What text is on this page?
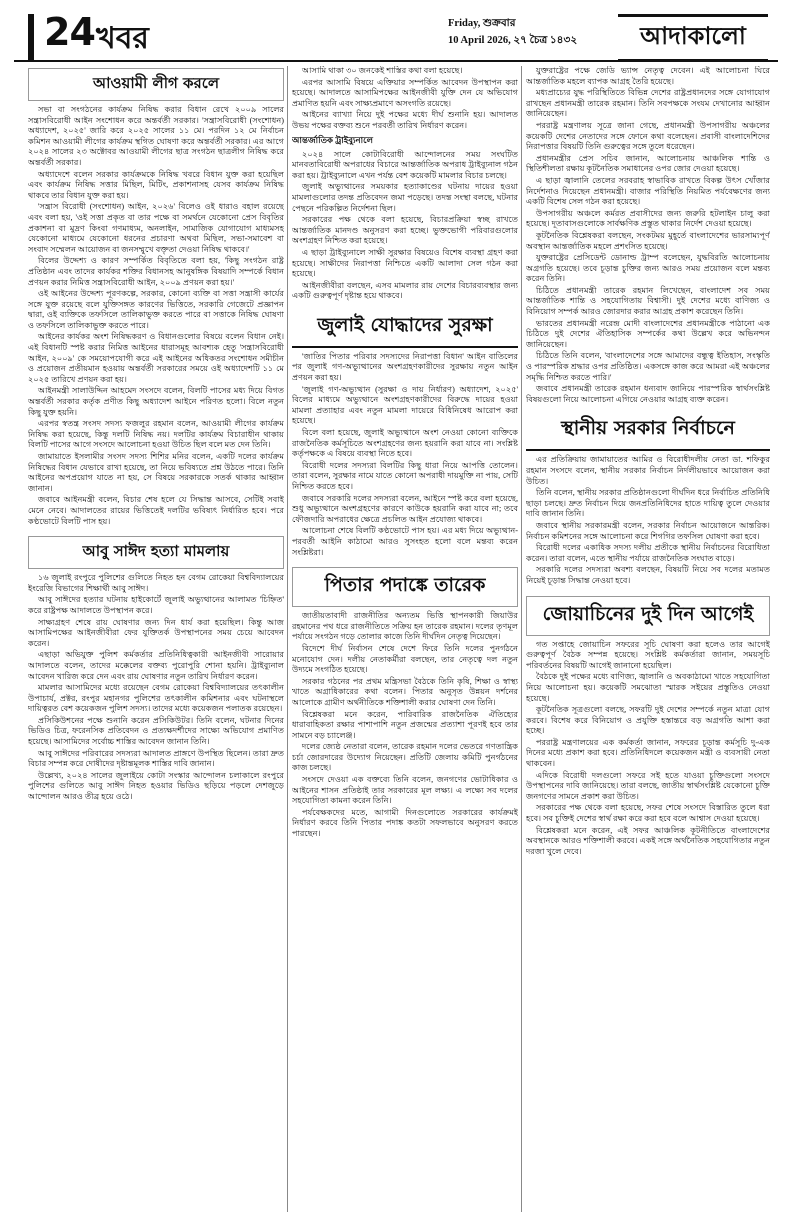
24 খবর	Friday, শুক্রবার
10 April 2026, ২৭ চৈত্র ১৪৩২	আদাকালো
আওয়ামী লীগ করলে

সভা বা সংগঠনের কার্যক্রম নিষিদ্ধ করার বিধান রেখে ২০০৯ সালের সন্ত্রাসবিরোধী আইন সংশোধন করে অন্তর্বর্তী সরকার। 'সন্ত্রাসবিরোধী (সংশোধন) অধ্যাদেশ, ২০২৫' জারি করে ২০২৫ সালের ১১ মে। পরদিন ১২ মে নির্বাচন কমিশন আওয়ামী লীগের কার্যক্রম স্থগিত ঘোষণা করে অন্তর্বর্তী সরকার। এর আগে ২০২৪ সালের ২৩ অক্টোবর আওয়ামী লীগের ছাত্র সংগঠন ছাত্রলীগ নিষিদ্ধ করে অন্তর্বর্তী সরকার।

অধ্যাদেশে বলেন সরকার কার্যক্রমকে নিষিদ্ধ খবরে বিধান যুক্ত করা হয়েছিল এবং কার্যক্রম নিষিদ্ধ সত্তার মিছিল, মিটিং, প্রকাশনাসহ যেসব কার্যক্রম নিষিদ্ধ থাকবে তার বিধান যুক্ত করা হয়।

'সন্ত্রাস বিরোধী (সংশোধন) আইন, ২০২৬' বিলেও ওই ধারাও বহাল রয়েছে এবং বলা হয়, 'ওই সত্তা প্রকৃত বা তার পক্ষে বা সমর্থনে যেকোনো প্রেস বিবৃতির প্রকাশনা বা মুদ্রণ কিংবা গণমাধ্যম, অনলাইন, সামাজিক যোগাযোগ মাধ্যমসহ যেকোনো মাধ্যমে যেকোনো ধরনের প্রচারণা অথবা মিছিল, সভা-সমাবেশ বা সংবাদ সম্মেলন আয়োজন বা জনসম্মুখে বক্তৃতা দেওয়া নিষিদ্ধ থাকবে।'

বিলের উদ্দেশ্য ও কারণ সম্পর্কিত বিবৃতিতে বলা হয়, 'কিছু সংগঠন রাষ্ট্র প্রতিষ্ঠান এবং তাদের কার্যকর শক্তির বিধানসহ আনুষঙ্গিক বিষয়াদি সম্পর্কে বিধান প্রণয়ন করার নিমিত্ত সন্ত্রাসবিরোধী আইন, ২০০৯ প্রণয়ন করা হয়।'

ওই আইনের উদ্দেশ্য পূরণকল্পে, সরকার, কোনো ব্যক্তি বা সত্তা সন্ত্রাসী কার্যের সঙ্গে যুক্ত রয়েছে বলে যুক্তিসঙ্গত কারণের ভিত্তিতে, সরকারি গেজেটে প্রজ্ঞাপন দ্বারা, ওই ব্যক্তিকে তফসিলে তালিকাভুক্ত করতে পারে বা সত্তাকে নিষিদ্ধ ঘোষণা ও তফসিলে তালিকাভুক্ত করতে পারে।

আইনের কার্যকর অংশ নিষিদ্ধকরণ ও বিধানগুলোর বিষয়ে বলেন বিধান নেই। এই বিধানটি স্পষ্ট করার নিমিত্ত আইনের ধারাসমূহ আবশ্যক হেতু 'সন্ত্রাসবিরোধী আইন, ২০০৯' কে সময়োপযোগী করে এই আইনের অধিকতর সংশোধন সমীচীন ও প্রয়োজন প্রতীয়মান হওয়ায় অন্তর্বর্তী সরকারের সময়ে ওই অধ্যাদেশটি ১১ মে ২০২৫ তারিখে প্রণয়ন করা হয়।

আইনমন্ত্রী সালাউদ্দিন আহমেদ সংসদে বলেন, বিলটি পাসের মধ্য দিয়ে বিগত অন্তর্বর্তী সরকার কর্তৃক প্রণীত কিছু অধ্যাদেশ আইনে পরিণত হলো। বিলে নতুন কিছু যুক্ত হয়নি।

এরপর স্বতন্ত্র সংসদ সদস্য ফজলুর রহমান বলেন, আওয়ামী লীগের কার্যক্রম নিষিদ্ধ করা হয়েছে, কিন্তু দলটি নিষিদ্ধ নয়। দলটির কার্যক্রম বিচারাধীন থাকায় বিলটি পাসের আগে সংসদে আলোচনা হওয়া উচিত ছিল বলে মত দেন তিনি।

জামায়াতে ইসলামীর সংসদ সদস্য শিশির মনির বলেন, একটি দলের কার্যক্রম নিষিদ্ধের বিধান যেভাবে রাখা হয়েছে, তা নিয়ে ভবিষ্যতে প্রশ্ন উঠতে পারে। তিনি আইনের অপপ্রয়োগ যাতে না হয়, সে বিষয়ে সরকারকে সতর্ক থাকার আহ্বান জানান।

জবাবে আইনমন্ত্রী বলেন, বিচার শেষ হলে যে সিদ্ধান্ত আসবে, সেটিই সবাই মেনে নেবে। আদালতের রায়ের ভিত্তিতেই দলটির ভবিষ্যৎ নির্ধারিত হবে। পরে কণ্ঠভোটে বিলটি পাস হয়।

আবু সাঈদ হত্যা মামলায়

১৬ জুলাই রংপুরে পুলিশের গুলিতে নিহত হন বেগম রোকেয়া বিশ্ববিদ্যালয়ের ইংরেজি বিভাগের শিক্ষার্থী আবু সাঈদ।

আবু সাঈদের হত্যার ঘটনায় হাইকোর্টে জুলাই অভ্যুত্থানের আলামত 'চিহ্নিত' করে রাষ্ট্রপক্ষ আদালতে উপস্থাপন করে।

সাক্ষ্যগ্রহণ শেষে রায় ঘোষণার জন্য দিন ধার্য করা হয়েছিল। কিন্তু আজ আসামিপক্ষের আইনজীবীরা ফের যুক্তিতর্ক উপস্থাপনের সময় চেয়ে আবেদন করেন।

এছাড়া অভিযুক্ত পুলিশ কর্মকর্তার প্রতিনিধিত্বকারী আইনজীবী সারোয়ার আদালতে বলেন, তাদের মক্কেলের বক্তব্য পুরোপুরি শোনা হয়নি। ট্রাইব্যুনাল আবেদন খারিজ করে দেন এবং রায় ঘোষণার নতুন তারিখ নির্ধারণ করেন।

মামলার আসামিদের মধ্যে রয়েছেন বেগম রোকেয়া বিশ্ববিদ্যালয়ের তৎকালীন উপাচার্য, প্রক্টর, রংপুর মহানগর পুলিশের তৎকালীন কমিশনার এবং ঘটনাস্থলে দায়িত্বরত বেশ কয়েকজন পুলিশ সদস্য। তাদের মধ্যে কয়েকজন পলাতক রয়েছেন।

প্রসিকিউশনের পক্ষে শুনানি করেন প্রসিকিউটর। তিনি বলেন, ঘটনার দিনের ভিডিও চিত্র, ফরেনসিক প্রতিবেদন ও প্রত্যক্ষদর্শীদের সাক্ষ্যে অভিযোগ প্রমাণিত হয়েছে। আসামিদের সর্বোচ্চ শাস্তির আবেদন জানান তিনি।

আবু সাঈদের পরিবারের সদস্যরা আদালত প্রাঙ্গণে উপস্থিত ছিলেন। তারা দ্রুত বিচার সম্পন্ন করে দোষীদের দৃষ্টান্তমূলক শাস্তির দাবি জানান।

উল্লেখ্য, ২০২৪ সালের জুলাইয়ে কোটা সংস্কার আন্দোলন চলাকালে রংপুরে পুলিশের গুলিতে আবু সাঈদ নিহত হওয়ার ভিডিও ছড়িয়ে পড়লে দেশজুড়ে আন্দোলন আরও তীব্র হয়ে ওঠে।

আসামি থাকা ৩০ জনকেই শাস্তির কথা বলা হয়েছে।

এরপর আসামি বিষয়ে এক্তিয়ার সম্পর্কিত আবেদন উপস্থাপন করা হয়েছে। আদালতে আসামিপক্ষের আইনজীবী যুক্তি দেন যে অভিযোগ প্রমাণিত হয়নি এবং সাক্ষ্যপ্রমাণে অসংগতি রয়েছে।

আইনের ব্যাখ্যা নিয়ে দুই পক্ষের মধ্যে দীর্ঘ শুনানি হয়। আদালত উভয় পক্ষের বক্তব্য শুনে পরবর্তী তারিখ নির্ধারণ করেন।

আন্তর্জাতিক ট্রাইব্যুনালে

২০২৪ সালে কোটাবিরোধী আন্দোলনের সময় সংঘটিত মানবতাবিরোধী অপরাধের বিচারে আন্তর্জাতিক অপরাধ ট্রাইব্যুনাল গঠন করা হয়। ট্রাইব্যুনালে এখন পর্যন্ত বেশ কয়েকটি মামলার বিচার চলছে।

জুলাই অভ্যুত্থানের সময়কার হত্যাকাণ্ডের ঘটনায় দায়ের হওয়া মামলাগুলোর তদন্ত প্রতিবেদন জমা পড়েছে। তদন্ত সংস্থা বলছে, ঘটনার পেছনে পরিকল্পিত নির্দেশনা ছিল।

সরকারের পক্ষ থেকে বলা হয়েছে, বিচারপ্রক্রিয়া স্বচ্ছ রাখতে আন্তর্জাতিক মানদণ্ড অনুসরণ করা হচ্ছে। ভুক্তভোগী পরিবারগুলোর অংশগ্রহণ নিশ্চিত করা হয়েছে।

এ ছাড়া ট্রাইব্যুনালে সাক্ষী সুরক্ষার বিষয়েও বিশেষ ব্যবস্থা গ্রহণ করা হয়েছে। সাক্ষীদের নিরাপত্তা নিশ্চিতে একটি আলাদা সেল গঠন করা হয়েছে।

আইনজীবীরা বলছেন, এসব মামলার রায় দেশের বিচারব্যবস্থার জন্য একটি গুরুত্বপূর্ণ দৃষ্টান্ত হয়ে থাকবে।

জুলাই যোদ্ধাদের সুরক্ষা

'জাতির পিতার পরিবার সদস্যদের নিরাপত্তা বিধান' আইন বাতিলের পর জুলাই গণ-অভ্যুত্থানের অংশগ্রহণকারীদের সুরক্ষায় নতুন আইন প্রণয়ন করা হয়।

'জুলাই গণ-অভ্যুত্থান (সুরক্ষা ও দায় নির্ধারণ) অধ্যাদেশ, ২০২৫' বিলের মাধ্যমে অভ্যুত্থানে অংশগ্রহণকারীদের বিরুদ্ধে দায়ের হওয়া মামলা প্রত্যাহার এবং নতুন মামলা দায়েরে বিধিনিষেধ আরোপ করা হয়েছে।

বিলে বলা হয়েছে, জুলাই অভ্যুত্থানে অংশ নেওয়া কোনো ব্যক্তিকে রাজনৈতিক কর্মসূচিতে অংশগ্রহণের জন্য হয়রানি করা যাবে না। সংশ্লিষ্ট কর্তৃপক্ষকে এ বিষয়ে ব্যবস্থা নিতে হবে।

বিরোধী দলের সদস্যরা বিলটির কিছু ধারা নিয়ে আপত্তি তোলেন। তারা বলেন, সুরক্ষার নামে যাতে কোনো অপরাধী দায়মুক্তি না পায়, সেটি নিশ্চিত করতে হবে।

জবাবে সরকারি দলের সদস্যরা বলেন, আইনে স্পষ্ট করে বলা হয়েছে, শুধু অভ্যুত্থানে অংশগ্রহণের কারণে কাউকে হয়রানি করা যাবে না; তবে ফৌজদারি অপরাধের ক্ষেত্রে প্রচলিত আইন প্রযোজ্য থাকবে।

আলোচনা শেষে বিলটি কণ্ঠভোটে পাস হয়। এর মধ্য দিয়ে অভ্যুত্থান-পরবর্তী আইনি কাঠামো আরও সুসংহত হলো বলে মন্তব্য করেন সংশ্লিষ্টরা।

পিতার পদাঙ্কে তারেক

জাতীয়তাবাদী রাজনীতির অন্যতম ভিত্তি স্থাপনকারী জিয়াউর রহমানের পথ ধরে রাজনীতিতে সক্রিয় হন তারেক রহমান। দলের তৃণমূল পর্যায়ে সংগঠন গড়ে তোলার কাজে তিনি দীর্ঘদিন নেতৃত্ব দিয়েছেন।

বিদেশে দীর্ঘ নির্বাসন শেষে দেশে ফিরে তিনি দলের পুনর্গঠনে মনোযোগ দেন। দলীয় নেতাকর্মীরা বলছেন, তার নেতৃত্বে দল নতুন উদ্যমে সংগঠিত হয়েছে।

সরকার গঠনের পর প্রথম মন্ত্রিসভা বৈঠকে তিনি কৃষি, শিক্ষা ও স্বাস্থ্য খাতে অগ্রাধিকারের কথা বলেন। পিতার অনুসৃত উন্নয়ন দর্শনের আলোকে গ্রামীণ অর্থনীতিকে শক্তিশালী করার ঘোষণা দেন তিনি।

বিশ্লেষকরা মনে করেন, পারিবারিক রাজনৈতিক ঐতিহ্যের ধারাবাহিকতা রক্ষার পাশাপাশি নতুন প্রজন্মের প্রত্যাশা পূরণই হবে তার সামনে বড় চ্যালেঞ্জ।

দলের জ্যেষ্ঠ নেতারা বলেন, তারেক রহমান দলের ভেতরে গণতান্ত্রিক চর্চা জোরদারের উদ্যোগ নিয়েছেন। প্রতিটি জেলায় কমিটি পুনর্গঠনের কাজ চলছে।

সংসদে দেওয়া এক বক্তব্যে তিনি বলেন, জনগণের ভোটাধিকার ও আইনের শাসন প্রতিষ্ঠাই তার সরকারের মূল লক্ষ্য। এ লক্ষ্যে সব দলের সহযোগিতা কামনা করেন তিনি।

পর্যবেক্ষকদের মতে, আগামী দিনগুলোতে সরকারের কার্যক্রমই নির্ধারণ করবে তিনি পিতার পদাঙ্ক কতটা সফলভাবে অনুসরণ করতে পারছেন।

যুক্তরাষ্ট্রের পক্ষে জেডি ভ্যান্স নেতৃত্ব দেবেন। এই আলোচনা ঘিরে আন্তর্জাতিক মহলে ব্যাপক আগ্রহ তৈরি হয়েছে।

মধ্যপ্রাচ্যের যুদ্ধ পরিস্থিতিতে বিভিন্ন দেশের রাষ্ট্রপ্রধানদের সঙ্গে যোগাযোগ রাখছেন প্রধানমন্ত্রী তারেক রহমান। তিনি সবপক্ষকে সংযম দেখানোর আহ্বান জানিয়েছেন।

পররাষ্ট্র মন্ত্রণালয় সূত্রে জানা গেছে, প্রধানমন্ত্রী উপসাগরীয় অঞ্চলের কয়েকটি দেশের নেতাদের সঙ্গে ফোনে কথা বলেছেন। প্রবাসী বাংলাদেশিদের নিরাপত্তার বিষয়টি তিনি গুরুত্বের সঙ্গে তুলে ধরেছেন।

প্রধানমন্ত্রীর প্রেস সচিব জানান, আলোচনায় আঞ্চলিক শান্তি ও স্থিতিশীলতা রক্ষায় কূটনৈতিক সমাধানের ওপর জোর দেওয়া হয়েছে।

এ ছাড়া জ্বালানি তেলের সরবরাহ স্বাভাবিক রাখতে বিকল্প উৎস খোঁজার নির্দেশনাও দিয়েছেন প্রধানমন্ত্রী। বাজার পরিস্থিতি নিয়মিত পর্যবেক্ষণের জন্য একটি বিশেষ সেল গঠন করা হয়েছে।

উপসাগরীয় অঞ্চলে কর্মরত প্রবাসীদের জন্য জরুরি হটলাইন চালু করা হয়েছে। দূতাবাসগুলোকে সার্বক্ষণিক প্রস্তুত থাকার নির্দেশ দেওয়া হয়েছে।

কূটনৈতিক বিশ্লেষকরা বলছেন, সংকটময় মুহূর্তে বাংলাদেশের ভারসাম্যপূর্ণ অবস্থান আন্তর্জাতিক মহলে প্রশংসিত হয়েছে।

যুক্তরাষ্ট্রের প্রেসিডেন্ট ডোনাল্ড ট্রাম্প বলেছেন, যুদ্ধবিরতি আলোচনায় অগ্রগতি হয়েছে। তবে চূড়ান্ত চুক্তির জন্য আরও সময় প্রয়োজন বলে মন্তব্য করেন তিনি।

চিঠিতে প্রধানমন্ত্রী তারেক রহমান লিখেছেন, বাংলাদেশ সব সময় আন্তর্জাতিক শান্তি ও সহযোগিতায় বিশ্বাসী। দুই দেশের মধ্যে বাণিজ্য ও বিনিয়োগ সম্পর্ক আরও জোরদার করার আগ্রহ প্রকাশ করেছেন তিনি।

ভারতের প্রধানমন্ত্রী নরেন্দ্র মোদী বাংলাদেশের প্রধানমন্ত্রীকে পাঠানো এক চিঠিতে দুই দেশের ঐতিহাসিক সম্পর্কের কথা উল্লেখ করে অভিনন্দন জানিয়েছেন।

চিঠিতে তিনি বলেন, 'বাংলাদেশের সঙ্গে আমাদের বন্ধুত্ব ইতিহাস, সংস্কৃতি ও পারস্পরিক শ্রদ্ধার ওপর প্রতিষ্ঠিত। একসঙ্গে কাজ করে আমরা এই অঞ্চলের সমৃদ্ধি নিশ্চিত করতে পারি।'

জবাবে প্রধানমন্ত্রী তারেক রহমান ধন্যবাদ জানিয়ে পারস্পরিক স্বার্থসংশ্লিষ্ট বিষয়গুলো নিয়ে আলোচনা এগিয়ে নেওয়ার আগ্রহ ব্যক্ত করেন।

স্থানীয় সরকার নির্বাচনে

এর প্রতিক্রিয়ায় জামায়াতের আমির ও বিরোধীদলীয় নেতা ডা. শফিকুর রহমান সংসদে বলেন, স্থানীয় সরকার নির্বাচন নির্দলীয়ভাবে আয়োজন করা উচিত।

তিনি বলেন, স্থানীয় সরকার প্রতিষ্ঠানগুলো দীর্ঘদিন ধরে নির্বাচিত প্রতিনিধি ছাড়া চলছে। দ্রুত নির্বাচন দিয়ে জনপ্রতিনিধিদের হাতে দায়িত্ব তুলে দেওয়ার দাবি জানান তিনি।

জবাবে স্থানীয় সরকারমন্ত্রী বলেন, সরকার নির্বাচন আয়োজনে আন্তরিক। নির্বাচন কমিশনের সঙ্গে আলোচনা করে শিগগির তফসিল ঘোষণা করা হবে।

বিরোধী দলের একাধিক সদস্য দলীয় প্রতীকে স্থানীয় নির্বাচনের বিরোধিতা করেন। তারা বলেন, এতে স্থানীয় পর্যায়ে রাজনৈতিক সংঘাত বাড়ে।

সরকারি দলের সদস্যরা অবশ্য বলছেন, বিষয়টি নিয়ে সব দলের মতামত নিয়েই চূড়ান্ত সিদ্ধান্ত নেওয়া হবে।

জোয়াচিনের দুই দিন আগেই

গত সপ্তাহে জোয়াচিন সফরের সূচি ঘোষণা করা হলেও তার আগেই গুরুত্বপূর্ণ বৈঠক সম্পন্ন হয়েছে। সংশ্লিষ্ট কর্মকর্তারা জানান, সময়সূচি পরিবর্তনের বিষয়টি আগেই জানানো হয়েছিল।

বৈঠকে দুই পক্ষের মধ্যে বাণিজ্য, জ্বালানি ও অবকাঠামো খাতে সহযোগিতা নিয়ে আলোচনা হয়। কয়েকটি সমঝোতা স্মারক সইয়ের প্রস্তুতিও নেওয়া হয়েছে।

কূটনৈতিক সূত্রগুলো বলছে, সফরটি দুই দেশের সম্পর্কে নতুন মাত্রা যোগ করবে। বিশেষ করে বিনিয়োগ ও প্রযুক্তি হস্তান্তরে বড় অগ্রগতি আশা করা হচ্ছে।

পররাষ্ট্র মন্ত্রণালয়ের এক কর্মকর্তা জানান, সফরের চূড়ান্ত কর্মসূচি দু-এক দিনের মধ্যে প্রকাশ করা হবে। প্রতিনিধিদলে কয়েকজন মন্ত্রী ও ব্যবসায়ী নেতা থাকবেন।

এদিকে বিরোধী দলগুলো সফরে সই হতে যাওয়া চুক্তিগুলো সংসদে উপস্থাপনের দাবি জানিয়েছে। তারা বলছে, জাতীয় স্বার্থসংশ্লিষ্ট যেকোনো চুক্তি জনগণের সামনে প্রকাশ করা উচিত।

সরকারের পক্ষ থেকে বলা হয়েছে, সফর শেষে সংসদে বিস্তারিত তুলে ধরা হবে। সব চুক্তিই দেশের স্বার্থ রক্ষা করে করা হবে বলে আশ্বাস দেওয়া হয়েছে।

বিশ্লেষকরা মনে করেন, এই সফর আঞ্চলিক কূটনীতিতে বাংলাদেশের অবস্থানকে আরও শক্তিশালী করবে। একই সঙ্গে অর্থনৈতিক সহযোগিতার নতুন দরজা খুলে দেবে।
